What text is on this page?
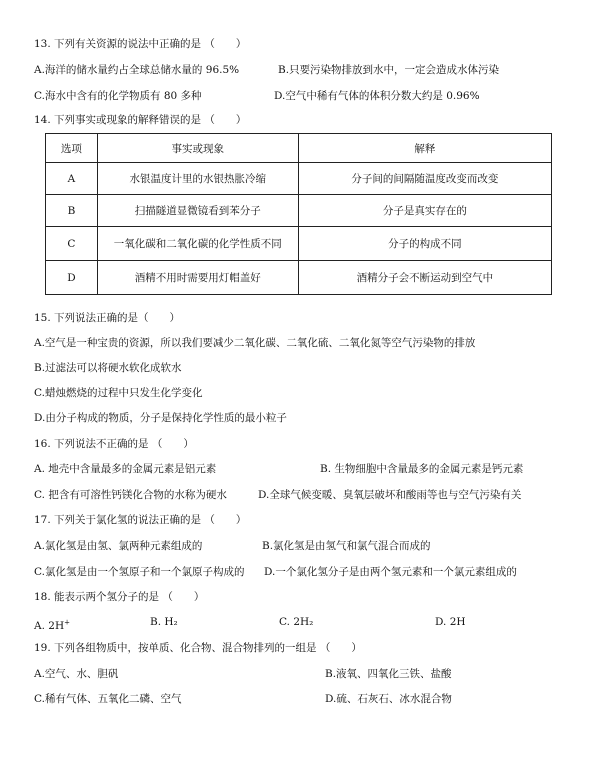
13. 下列有关资源的说法中正确的是 （　　）
A.海洋的储水量约占全球总储水量的 96.5%	B.只要污染物排放到水中，一定会造成水体污染
C.海水中含有的化学物质有 80 多种	D.空气中稀有气体的体积分数大约是 0.96%
14. 下列事实或现象的解释错误的是 （　　）
选项	事实或现象	解释
A	水银温度计里的水银热胀冷缩	分子间的间隔随温度改变而改变
B	扫描隧道显微镜看到苯分子	分子是真实存在的
C	一氧化碳和二氧化碳的化学性质不同	分子的构成不同
D	酒精不用时需要用灯帽盖好	酒精分子会不断运动到空气中
15. 下列说法正确的是（　　）
A.空气是一种宝贵的资源，所以我们要减少二氧化碳、二氧化硫、二氧化氮等空气污染物的排放
B.过滤法可以将硬水软化成软水
C.蜡烛燃烧的过程中只发生化学变化
D.由分子构成的物质，分子是保持化学性质的最小粒子
16. 下列说法不正确的是 （　　）
A. 地壳中含量最多的金属元素是铝元素	B. 生物细胞中含量最多的金属元素是钙元素
C. 把含有可溶性钙镁化合物的水称为硬水	D.全球气候变暖、臭氧层破坏和酸雨等也与空气污染有关
17. 下列关于氯化氢的说法正确的是 （　　）
A.氯化氢是由氢、氯两种元素组成的	B.氯化氢是由氢气和氯气混合而成的
C.氯化氢是由一个氢原子和一个氯原子构成的 D.一个氯化氢分子是由两个氢元素和一个氯元素组成的
18. 能表示两个氢分子的是 （　　）
A. 2H+	B. H₂	C. 2H₂	D. 2H
19. 下列各组物质中，按单质、化合物、混合物排列的一组是 （　　）
A.空气、水、胆矾	B.液氧、四氧化三铁、盐酸
C.稀有气体、五氧化二磷、空气	D.硫、石灰石、冰水混合物
